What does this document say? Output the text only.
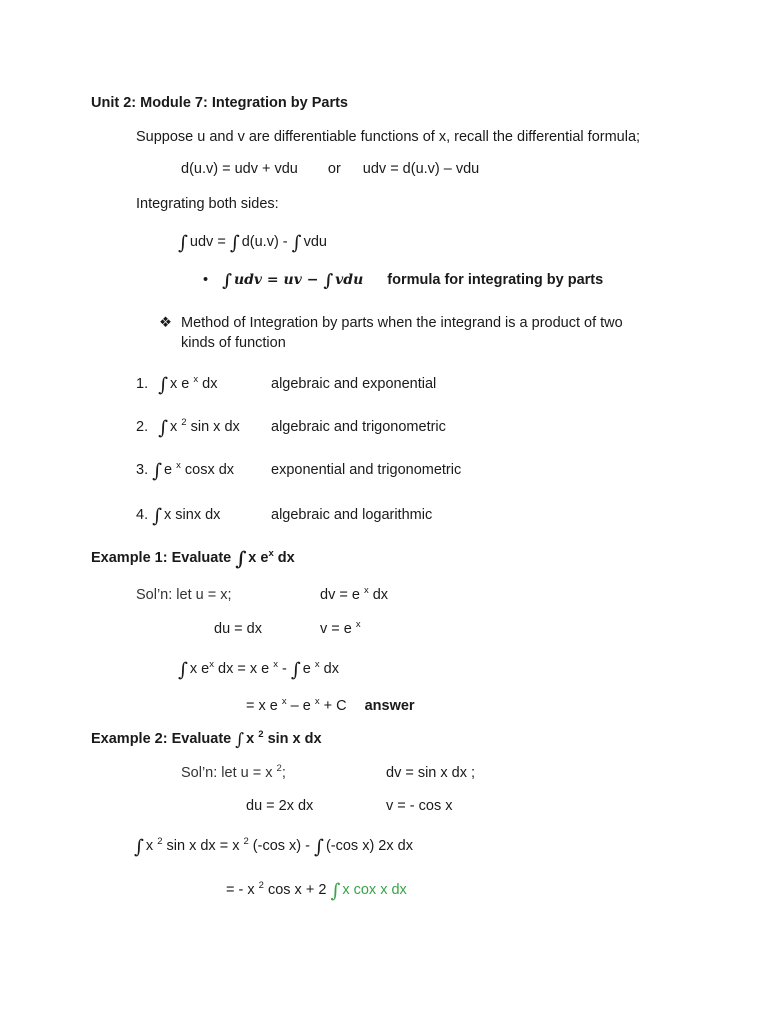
Unit 2: Module 7: Integration by Parts
Suppose u and v are differentiable functions of x, recall the differential formula;
d(u.v) = udv + vdu or udv = d(u.v) – vdu
Integrating both sides:
∫ udv = ∫ d(u.v) - ∫ vdu
• ∫ udv = uv − ∫ vdu formula for integrating by parts
❖ Method of Integration by parts when the integrand is a product of two
kinds of function
1. ∫ x e $^x$ dx	algebraic and exponential
2. ∫ x $^2$ sin x dx algebraic and trigonometric
3. ∫ e $^x$ cosx dx	exponential and trigonometric
4. ∫ x sinx dx	algebraic and logarithmic
Example 1: Evaluate ∫ x $e^x$ dx
Sol’n: let u = x;	dv = e $^x$ dx
du = dx	v = e $^x$
∫ x $e^x$ dx = x e $^x$ - ∫ e $^x$ dx
= x e $^x$ – e $^x$ + C answer
Example 2: Evaluate ∫ x $^2$ sin x dx
Sol’n: let u = x $^2$;	dv = sin x dx ;
du = 2x dx	v = - cos x
∫ x $^2$ sin x dx = x $^2$ (-cos x) - ∫ (-cos x) 2x dx
= - x $^2$ cos x + 2 ∫ x cox x dx
